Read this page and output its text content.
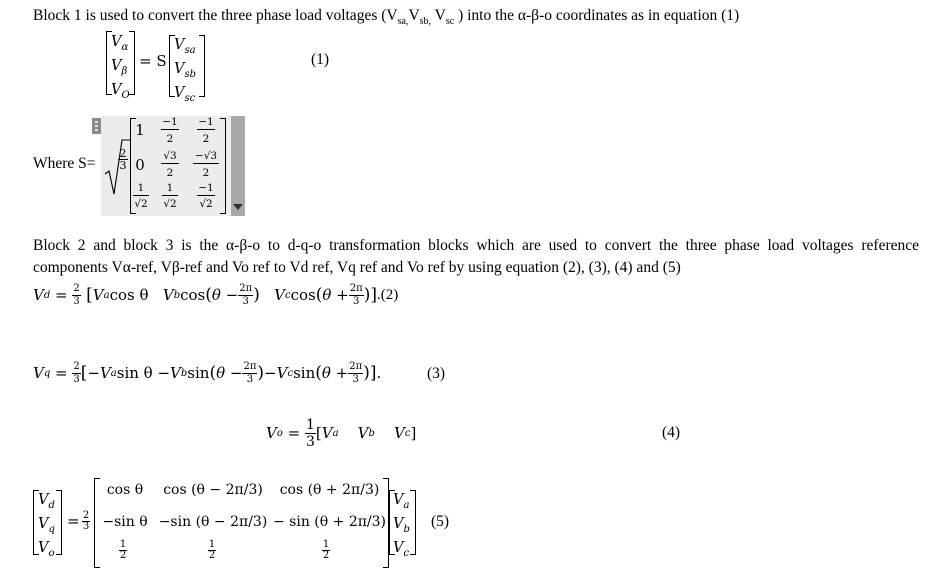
Block 1 is used to convert the three phase load voltages ($V_{sa,}V_{sb,}$ $V_{sc}$ ) into the α-β-o coordinates as in equation (1)
$V_\alpha$
$V_\beta$
$V_O$
= S
$V_{sa}$
$V_{sb}$
$V_{sc}$
(1)
Where S=
2
3
1 −1
2
−1
2
0 √3
2
−√3
2
1
√2
1
√2
−1
√2
Block 2 and block 3 is the α-β-o to d-q-o transformation blocks which are used to convert the three phase load voltages reference
components Vα-ref, Vβ-ref and Vo ref to Vd ref, Vq ref and Vo ref by using equation (2), (3), (4) and (5)
V $d = \frac{2}{3}$ [ V a cos θ
V b cos ( $\theta - \frac{2\pi}{3}$ )
V c cos ( $\theta + \frac{2\pi}{3}$ ) ] .(2)
V $q = \frac{2}{3}$ [ −V a sin θ − V b sin ( $\theta - \frac{2\pi}{3}$ ) − V c sin ( $\theta + \frac{2\pi}{3}$ ) ] .	(3)
V $o = \frac{1}{3}$ [ V a
V b
V c ]	(4)
$V_d$
$V_q$
$V_o$
= 2
3
cos θ
−sin θ
1
2
cos (θ − 2π/3)
−sin (θ − 2π/3)
1
2
cos (θ + 2π/3)
− sin (θ + 2π/3)
1
2
$V_a$
$V_b$
$V_c$
(5)
